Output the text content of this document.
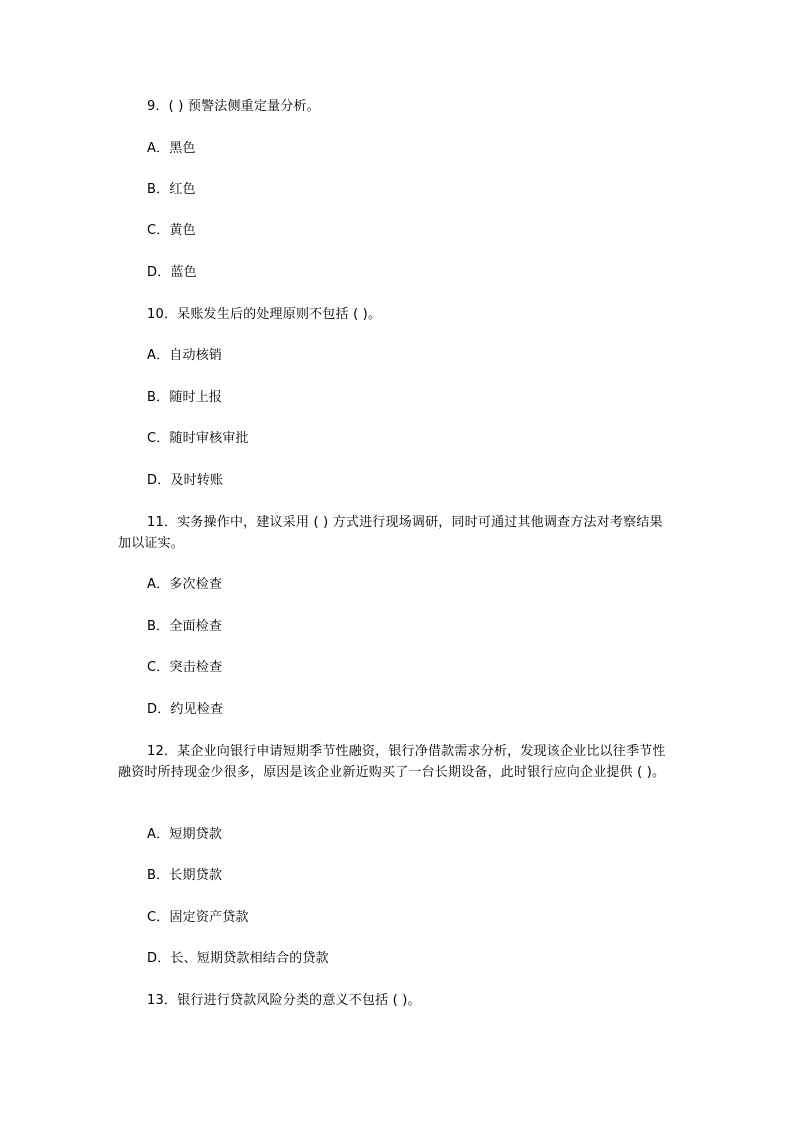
9．( ) 预警法侧重定量分析。
A．黑色
B．红色
C．黄色
D．蓝色
10．呆账发生后的处理原则不包括 ( )。
A．自动核销
B．随时上报
C．随时审核审批
D．及时转账
11．实务操作中，建议采用 ( ) 方式进行现场调研，同时可通过其他调查方法对考察结果加以证实。
A．多次检查
B．全面检查
C．突击检查
D．约见检查
12．某企业向银行申请短期季节性融资，银行净借款需求分析，发现该企业比以往季节性融资时所持现金少很多，原因是该企业新近购买了一台长期设备，此时银行应向企业提供 ( )。
A．短期贷款
B．长期贷款
C．固定资产贷款
D．长、短期贷款相结合的贷款
13．银行进行贷款风险分类的意义不包括 ( )。
